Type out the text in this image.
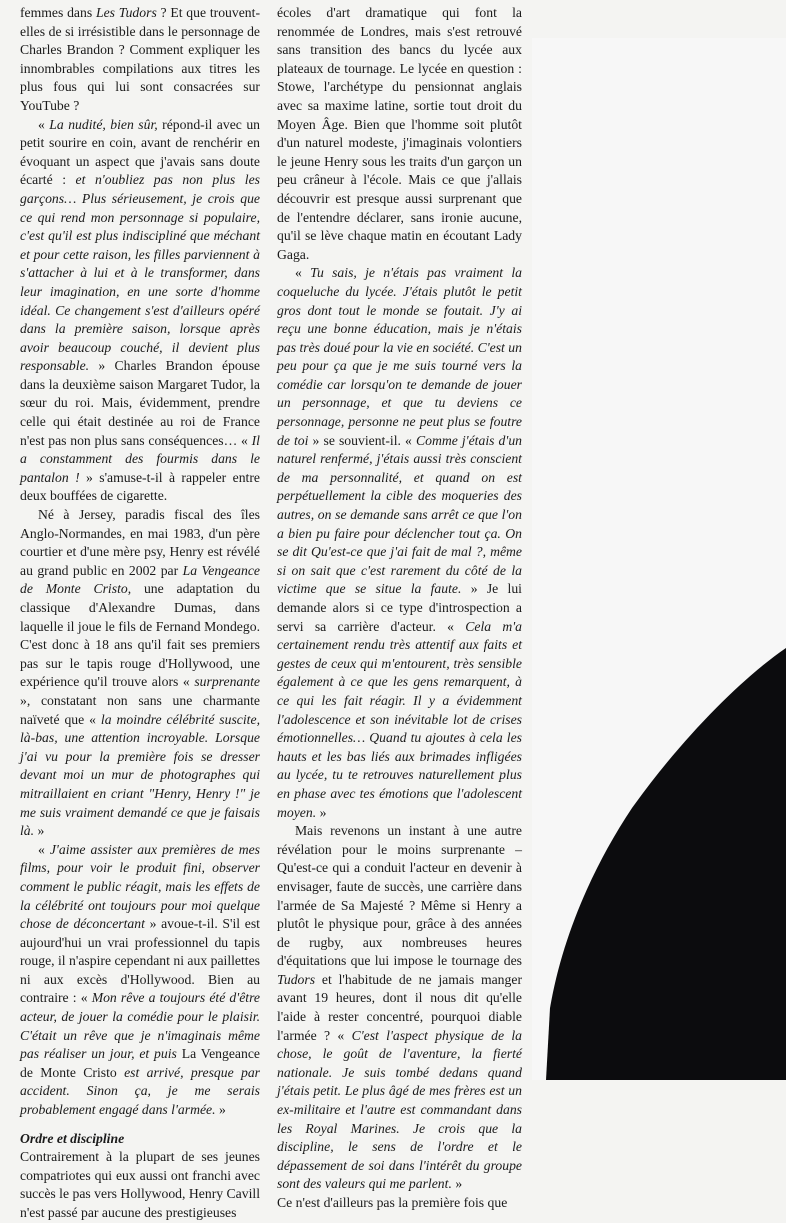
femmes dans Les Tudors ? Et que trouvent-elles de si irrésistible dans le personnage de Charles Brandon ? Comment expliquer les innombrables compilations aux titres les plus fous qui lui sont consacrées sur YouTube ?

« La nudité, bien sûr, répond-il avec un petit sourire en coin, avant de renchérir en évoquant un aspect que j'avais sans doute écarté : et n'oubliez pas non plus les garçons… Plus sérieusement, je crois que ce qui rend mon personnage si populaire, c'est qu'il est plus indiscipliné que méchant et pour cette raison, les filles parviennent à s'attacher à lui et à le transformer, dans leur imagination, en une sorte d'homme idéal. Ce changement s'est d'ailleurs opéré dans la première saison, lorsque après avoir beaucoup couché, il devient plus responsable. » Charles Brandon épouse dans la deuxième saison Margaret Tudor, la sœur du roi. Mais, évidemment, prendre celle qui était destinée au roi de France n'est pas non plus sans conséquences… « Il a constamment des fourmis dans le pantalon ! » s'amuse-t-il à rappeler entre deux bouffées de cigarette.

Né à Jersey, paradis fiscal des îles Anglo-Normandes, en mai 1983, d'un père courtier et d'une mère psy, Henry est révélé au grand public en 2002 par La Vengeance de Monte Cristo, une adaptation du classique d'Alexandre Dumas, dans laquelle il joue le fils de Fernand Mondego. C'est donc à 18 ans qu'il fait ses premiers pas sur le tapis rouge d'Hollywood, une expérience qu'il trouve alors « surprenante », constatant non sans une charmante naïveté que « la moindre célébrité suscite, là-bas, une attention incroyable. Lorsque j'ai vu pour la première fois se dresser devant moi un mur de photographes qui mitraillaient en criant "Henry, Henry !" je me suis vraiment demandé ce que je faisais là. »

« J'aime assister aux premières de mes films, pour voir le produit fini, observer comment le public réagit, mais les effets de la célébrité ont toujours pour moi quelque chose de déconcertant » avoue-t-il. S'il est aujourd'hui un vrai professionnel du tapis rouge, il n'aspire cependant ni aux paillettes ni aux excès d'Hollywood. Bien au contraire : « Mon rêve a toujours été d'être acteur, de jouer la comédie pour le plaisir. C'était un rêve que je n'imaginais même pas réaliser un jour, et puis La Vengeance de Monte Cristo est arrivé, presque par accident. Sinon ça, je me serais probablement engagé dans l'armée. »

Ordre et discipline

Contrairement à la plupart de ses jeunes compatriotes qui eux aussi ont franchi avec succès le pas vers Hollywood, Henry Cavill n'est passé par aucune des prestigieuses

écoles d'art dramatique qui font la renommée de Londres, mais s'est retrouvé sans transition des bancs du lycée aux plateaux de tournage. Le lycée en question : Stowe, l'archétype du pensionnat anglais avec sa maxime latine, sortie tout droit du Moyen Âge. Bien que l'homme soit plutôt d'un naturel modeste, j'imaginais volontiers le jeune Henry sous les traits d'un garçon un peu crâneur à l'école. Mais ce que j'allais découvrir est presque aussi surprenant que de l'entendre déclarer, sans ironie aucune, qu'il se lève chaque matin en écoutant Lady Gaga.

« Tu sais, je n'étais pas vraiment la coqueluche du lycée. J'étais plutôt le petit gros dont tout le monde se foutait. J'y ai reçu une bonne éducation, mais je n'étais pas très doué pour la vie en société. C'est un peu pour ça que je me suis tourné vers la comédie car lorsqu'on te demande de jouer un personnage, et que tu deviens ce personnage, personne ne peut plus se foutre de toi » se souvient-il. « Comme j'étais d'un naturel renfermé, j'étais aussi très conscient de ma personnalité, et quand on est perpétuellement la cible des moqueries des autres, on se demande sans arrêt ce que l'on a bien pu faire pour déclencher tout ça. On se dit Qu'est-ce que j'ai fait de mal ?, même si on sait que c'est rarement du côté de la victime que se situe la faute. » Je lui demande alors si ce type d'introspection a servi sa carrière d'acteur. « Cela m'a certainement rendu très attentif aux faits et gestes de ceux qui m'entourent, très sensible également à ce que les gens remarquent, à ce qui les fait réagir. Il y a évidemment l'adolescence et son inévitable lot de crises émotionnelles… Quand tu ajoutes à cela les hauts et les bas liés aux brimades infligées au lycée, tu te retrouves naturellement plus en phase avec tes émotions que l'adolescent moyen. »

Mais revenons un instant à une autre révélation pour le moins surprenante – Qu'est-ce qui a conduit l'acteur en devenir à envisager, faute de succès, une carrière dans l'armée de Sa Majesté ? Même si Henry a plutôt le physique pour, grâce à des années de rugby, aux nombreuses heures d'équitations que lui impose le tournage des Tudors et l'habitude de ne jamais manger avant 19 heures, dont il nous dit qu'elle l'aide à rester concentré, pourquoi diable l'armée ? « C'est l'aspect physique de la chose, le goût de l'aventure, la fierté nationale. Je suis tombé dedans quand j'étais petit. Le plus âgé de mes frères est un ex-militaire et l'autre est commandant dans les Royal Marines. Je crois que la discipline, le sens de l'ordre et le dépassement de soi dans l'intérêt du groupe sont des valeurs qui me parlent. »

Ce n'est d'ailleurs pas la première fois que
